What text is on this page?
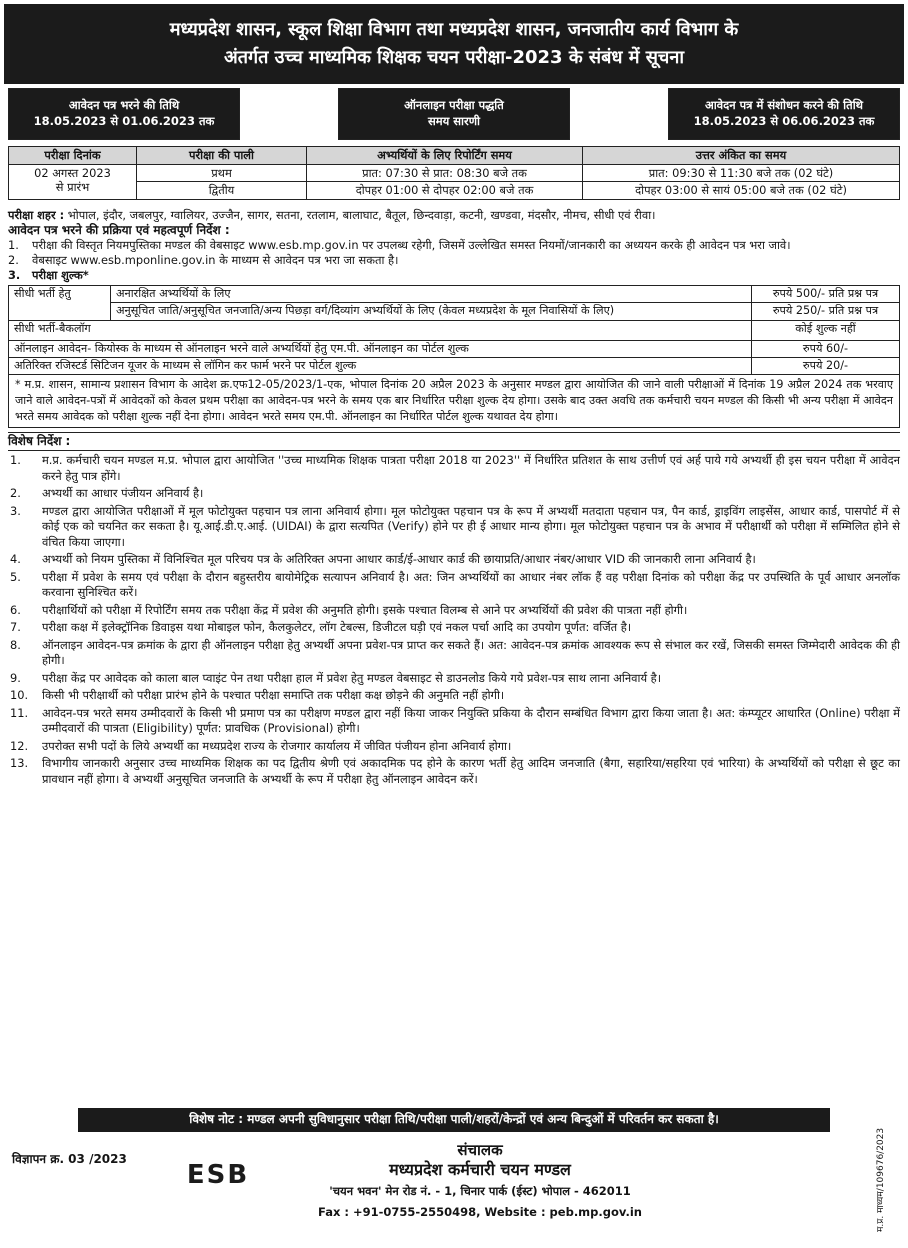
मध्यप्रदेश शासन, स्कूल शिक्षा विभाग तथा मध्यप्रदेश शासन, जनजातीय कार्य विभाग के
अंतर्गत उच्च माध्यमिक शिक्षक चयन परीक्षा-2023 के संबंध में सूचना
आवेदन पत्र भरने की तिथि
18.05.2023 से 01.06.2023 तक
ऑनलाइन परीक्षा पद्धति
समय सारणी
आवेदन पत्र में संशोधन करने की तिथि
18.05.2023 से 06.06.2023 तक
परीक्षा दिनांक	परीक्षा की पाली	अभ्यर्थियों के लिए रिपोर्टिंग समय	उत्तर अंकित का समय

02 अगस्त 2023
से प्रारंभ	प्रथम	प्रात: 07:30 से प्रात: 08:30 बजे तक	प्रात: 09:30 से 11:30 बजे तक (02 घंटे)
	द्वितीय	दोपहर 01:00 से दोपहर 02:00 बजे तक	दोपहर 03:00 से सायं 05:00 बजे तक (02 घंटे)
परीक्षा शहर : भोपाल, इंदौर, जबलपुर, ग्वालियर, उज्जैन, सागर, सतना, रतलाम, बालाघाट, बैतूल, छिन्दवाड़ा, कटनी, खण्डवा, मंदसौर, नीमच, सीधी एवं रीवा।
आवेदन पत्र भरने की प्रक्रिया एवं महत्वपूर्ण निर्देश :
1.	परीक्षा की विस्तृत नियमपुस्तिका मण्डल की वेबसाइट www.esb.mp.gov.in पर उपलब्ध रहेगी, जिसमें उल्लेखित समस्त नियमों/जानकारी का अध्ययन करके ही आवेदन पत्र भरा जावे।
2.	वेबसाइट www.esb.mponline.gov.in के माध्यम से आवेदन पत्र भरा जा सकता है।
3.	परीक्षा शुल्क*
सीधी भर्ती हेतु	अनारक्षित अभ्यर्थियों के लिए	रुपये 500/- प्रति प्रश्न पत्र
	अनुसूचित जाति/अनुसूचित जनजाति/अन्य पिछड़ा वर्ग/दिव्यांग अभ्यर्थियों के लिए (केवल मध्यप्रदेश के मूल निवासियों के लिए)	रुपये 250/- प्रति प्रश्न पत्र
सीधी भर्ती-बैकलॉग		कोई शुल्क नहीं
ऑनलाइन आवेदन- कियोस्क के माध्यम से ऑनलाइन भरने वाले अभ्यर्थियों हेतु एम.पी. ऑनलाइन का पोर्टल शुल्क		रुपये 60/-
अतिरिक्त रजिस्टर्ड सिटिजन यूजर के माध्यम से लॉगिन कर फार्म भरने पर पोर्टल शुल्क		रुपये 20/-
* म.प्र. शासन, सामान्य प्रशासन विभाग के आदेश क्र.एफ12-05/2023/1-एक, भोपाल दिनांक 20 अप्रैल 2023 के अनुसार मण्डल द्वारा आयोजित की जाने वाली परीक्षाओं में दिनांक 19 अप्रैल 2024 तक भरवाए जाने वाले आवेदन-पत्रों में आवेदकों को केवल प्रथम परीक्षा का आवेदन-पत्र भरने के समय एक बार निर्धारित परीक्षा शुल्क देय होगा। उसके बाद उक्त अवधि तक कर्मचारी चयन मण्डल की किसी भी अन्य परीक्षा में आवेदन भरते समय आवेदक को परीक्षा शुल्क नहीं देना होगा। आवेदन भरते समय एम.पी. ऑनलाइन का निर्धारित पोर्टल शुल्क यथावत देय होगा।
विशेष निर्देश :
1.	म.प्र. कर्मचारी चयन मण्डल म.प्र. भोपाल द्वारा आयोजित ''उच्च माध्यमिक शिक्षक पात्रता परीक्षा 2018 या 2023'' में निर्धारित प्रतिशत के साथ उत्तीर्ण एवं अर्ह पाये गये अभ्यर्थी ही इस चयन परीक्षा में आवेदन करने हेतु पात्र होंगे।
2.	अभ्यर्थी का आधार पंजीयन अनिवार्य है।
3.	मण्डल द्वारा आयोजित परीक्षाओं में मूल फोटोयुक्त पहचान पत्र लाना अनिवार्य होगा। मूल फोटोयुक्त पहचान पत्र के रूप में अभ्यर्थी मतदाता पहचान पत्र, पैन कार्ड, ड्राइविंग लाइसेंस, आधार कार्ड, पासपोर्ट में से कोई एक को चयनित कर सकता है। यू.आई.डी.ए.आई. (UIDAI) के द्वारा सत्यपित (Verify) होने पर ही ई आधार मान्य होगा। मूल फोटोयुक्त पहचान पत्र के अभाव में परीक्षार्थी को परीक्षा में सम्मिलित होने से वंचित किया जाएगा।
4.	अभ्यर्थी को नियम पुस्तिका में विनिश्चित मूल परिचय पत्र के अतिरिक्त अपना आधार कार्ड/ई-आधार कार्ड की छायाप्रति/आधार नंबर/आधार VID की जानकारी लाना अनिवार्य है।
5.	परीक्षा में प्रवेश के समय एवं परीक्षा के दौरान बहुस्तरीय बायोमेट्रिक सत्यापन अनिवार्य है। अत: जिन अभ्यर्थियों का आधार नंबर लॉक हैं वह परीक्षा दिनांक को परीक्षा केंद्र पर उपस्थिति के पूर्व आधार अनलॉक करवाना सुनिश्चित करें।
6.	परीक्षार्थियों को परीक्षा में रिपोर्टिंग समय तक परीक्षा केंद्र में प्रवेश की अनुमति होगी। इसके पश्चात विलम्ब से आने पर अभ्यर्थियों की प्रवेश की पात्रता नहीं होगी।
7.	परीक्षा कक्ष में इलेक्ट्रॉनिक डिवाइस यथा मोबाइल फोन, कैलकुलेटर, लॉग टेबल्स, डिजीटल घड़ी एवं नकल पर्चा आदि का उपयोग पूर्णत: वर्जित है।
8.	ऑनलाइन आवेदन-पत्र क्रमांक के द्वारा ही ऑनलाइन परीक्षा हेतु अभ्यर्थी अपना प्रवेश-पत्र प्राप्त कर सकते हैं। अत: आवेदन-पत्र क्रमांक आवश्यक रूप से संभाल कर रखें, जिसकी समस्त जिम्मेदारी आवेदक की ही होगी।
9.	परीक्षा केंद्र पर आवेदक को काला बाल प्वाइंट पेन तथा परीक्षा हाल में प्रवेश हेतु मण्डल वेबसाइट से डाउनलोड किये गये प्रवेश-पत्र साथ लाना अनिवार्य है।
10.	किसी भी परीक्षार्थी को परीक्षा प्रारंभ होने के पश्चात परीक्षा समाप्ति तक परीक्षा कक्ष छोड़ने की अनुमति नहीं होगी।
11.	आवेदन-पत्र भरते समय उम्मीदवारों के किसी भी प्रमाण पत्र का परीक्षण मण्डल द्वारा नहीं किया जाकर नियुक्ति प्रकिया के दौरान सम्बंधित विभाग द्वारा किया जाता है। अत: कंम्प्यूटर आधारित (Online) परीक्षा में उम्मीदवारों की पात्रता (Eligibility) पूर्णत: प्रावधिक (Provisional) होगी।
12.	उपरोक्त सभी पदों के लिये अभ्यर्थी का मध्यप्रदेश राज्य के रोजगार कार्यालय में जीवित पंजीयन होना अनिवार्य होगा।
13.	विभागीय जानकारी अनुसार उच्च माध्यमिक शिक्षक का पद द्वितीय श्रेणी एवं अकादमिक पद होने के कारण भर्ती हेतु आदिम जनजाति (बैगा, सहारिया/सहरिया एवं भारिया) के अभ्यर्थियों को परीक्षा से छूट का प्रावधान नहीं होगा। वे अभ्यर्थी अनुसूचित जनजाति के अभ्यर्थी के रूप में परीक्षा हेतु ऑनलाइन आवेदन करें।
विशेष नोट : मण्डल अपनी सुविधानुसार परीक्षा तिथि/परीक्षा पाली/शहरों/केन्द्रों एवं अन्य बिन्दुओं में परिवर्तन कर सकता है।
विज्ञापन क्र. 03 /2023
ESB
संचालक
मध्यप्रदेश कर्मचारी चयन मण्डल
'चयन भवन' मेन रोड नं. - 1, चिनार पार्क (ईस्ट) भोपाल - 462011
Fax : +91-0755-2550498, Website : peb.mp.gov.in	म.प्र. माध्यम/109676/2023
